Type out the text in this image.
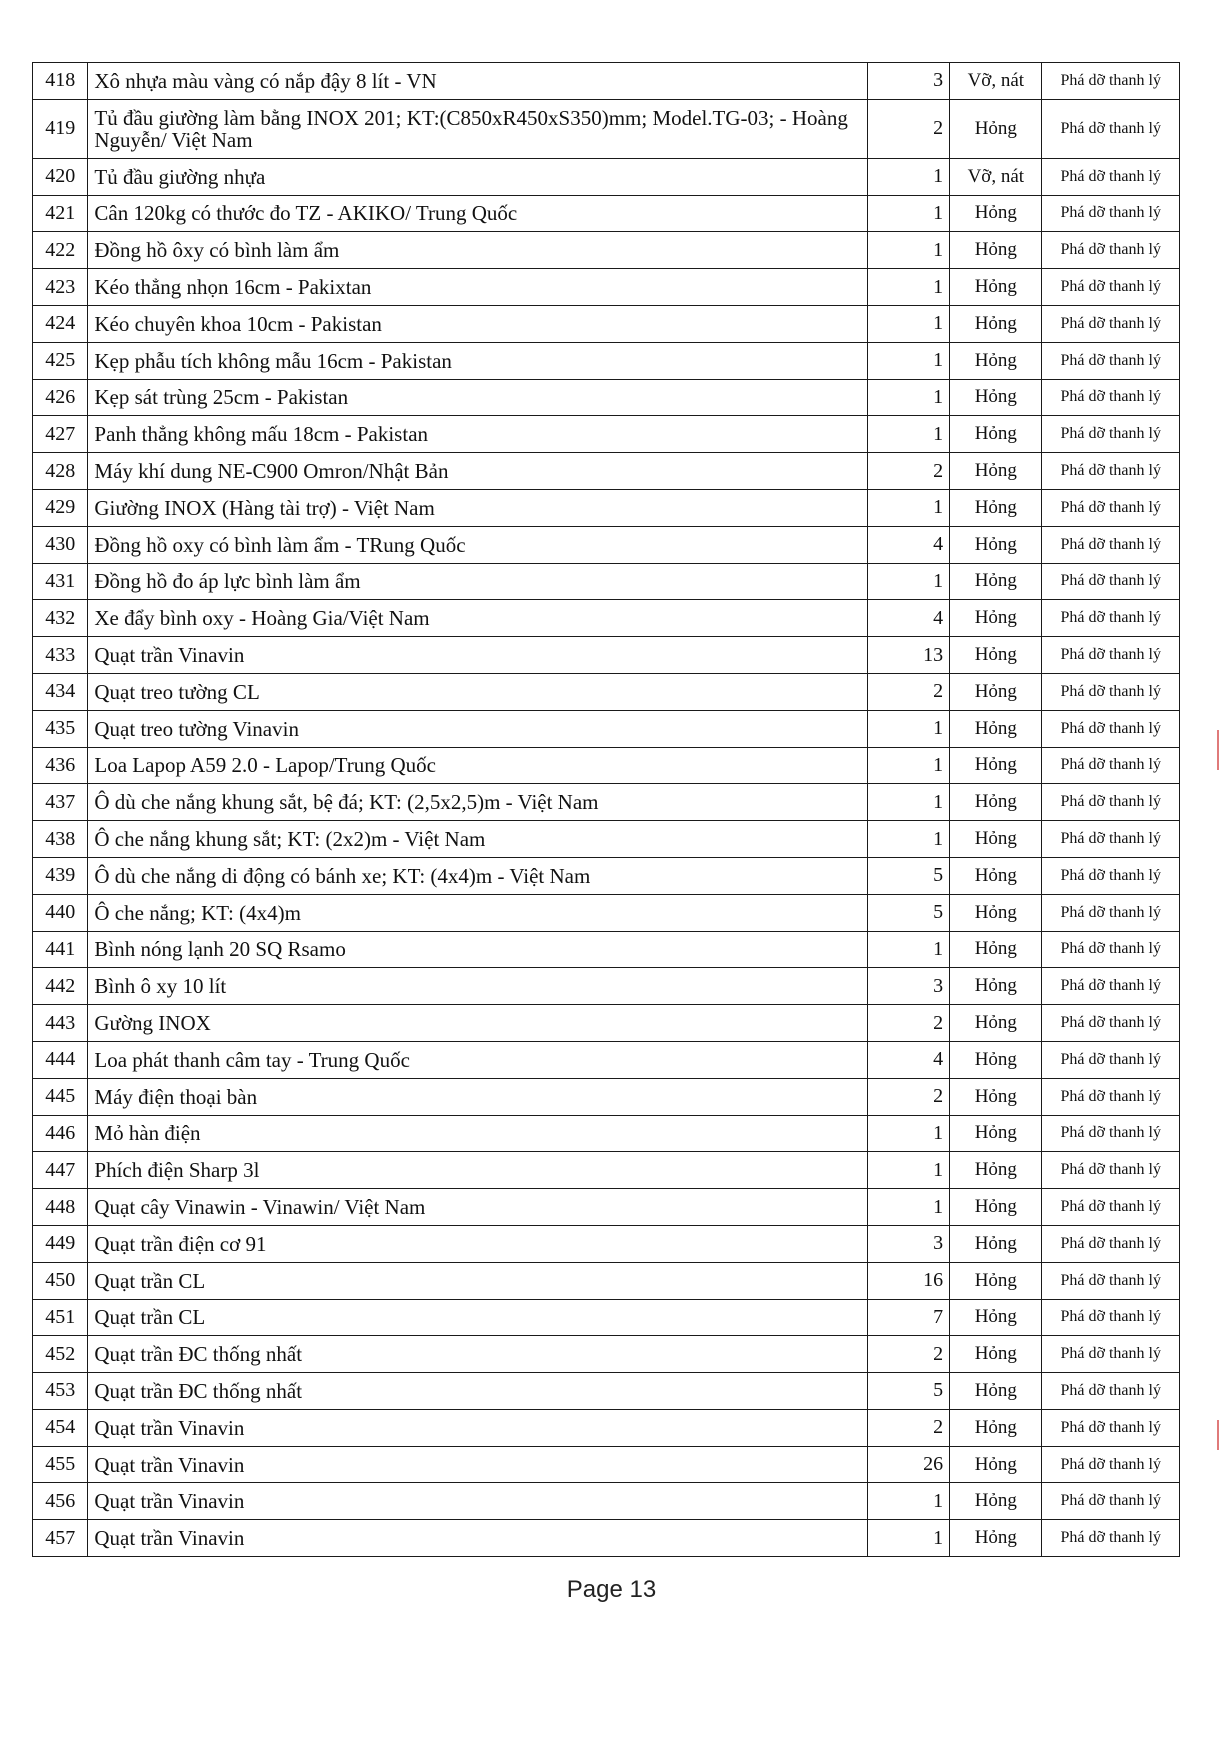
418	Xô nhựa màu vàng có nắp đậy 8 lít - VN	3	Vỡ, nát	Phá dỡ thanh lý
419	Tủ đầu giường làm bằng INOX 201; KT:(C850xR450xS350)mm; Model.TG-03; - Hoàng Nguyễn/ Việt Nam	2	Hỏng	Phá dỡ thanh lý
420	Tủ đầu giường nhựa	1	Vỡ, nát	Phá dỡ thanh lý
421	Cân 120kg có thước đo TZ - AKIKO/ Trung Quốc	1	Hỏng	Phá dỡ thanh lý
422	Đồng hồ ôxy có bình làm ẩm	1	Hỏng	Phá dỡ thanh lý
423	Kéo thẳng nhọn 16cm - Pakixtan	1	Hỏng	Phá dỡ thanh lý
424	Kéo chuyên khoa 10cm - Pakistan	1	Hỏng	Phá dỡ thanh lý
425	Kẹp phẫu tích không mẫu 16cm - Pakistan	1	Hỏng	Phá dỡ thanh lý
426	Kẹp sát trùng 25cm - Pakistan	1	Hỏng	Phá dỡ thanh lý
427	Panh thẳng không mấu 18cm - Pakistan	1	Hỏng	Phá dỡ thanh lý
428	Máy khí dung NE-C900 Omron/Nhật Bản	2	Hỏng	Phá dỡ thanh lý
429	Giường INOX (Hàng tài trợ) - Việt Nam	1	Hỏng	Phá dỡ thanh lý
430	Đồng hồ oxy có bình làm ẩm - TRung Quốc	4	Hỏng	Phá dỡ thanh lý
431	Đồng hồ đo áp lực bình làm ẩm	1	Hỏng	Phá dỡ thanh lý
432	Xe đẩy bình oxy - Hoàng Gia/Việt Nam	4	Hỏng	Phá dỡ thanh lý
433	Quạt trần Vinavin	13	Hỏng	Phá dỡ thanh lý
434	Quạt treo tường CL	2	Hỏng	Phá dỡ thanh lý
435	Quạt treo tường Vinavin	1	Hỏng	Phá dỡ thanh lý
436	Loa Lapop A59 2.0 - Lapop/Trung Quốc	1	Hỏng	Phá dỡ thanh lý
437	Ô dù che nắng khung sắt, bệ đá; KT: (2,5x2,5)m - Việt Nam	1	Hỏng	Phá dỡ thanh lý
438	Ô che nắng khung sắt; KT: (2x2)m - Việt Nam	1	Hỏng	Phá dỡ thanh lý
439	Ô dù che nắng di động có bánh xe; KT: (4x4)m - Việt Nam	5	Hỏng	Phá dỡ thanh lý
440	Ô che nắng; KT: (4x4)m	5	Hỏng	Phá dỡ thanh lý
441	Bình nóng lạnh 20 SQ Rsamo	1	Hỏng	Phá dỡ thanh lý
442	Bình ô xy 10 lít	3	Hỏng	Phá dỡ thanh lý
443	Gường INOX	2	Hỏng	Phá dỡ thanh lý
444	Loa phát thanh câm tay - Trung Quốc	4	Hỏng	Phá dỡ thanh lý
445	Máy điện thoại bàn	2	Hỏng	Phá dỡ thanh lý
446	Mỏ hàn điện	1	Hỏng	Phá dỡ thanh lý
447	Phích điện Sharp 3l	1	Hỏng	Phá dỡ thanh lý
448	Quạt cây Vinawin - Vinawin/ Việt Nam	1	Hỏng	Phá dỡ thanh lý
449	Quạt trần điện cơ 91	3	Hỏng	Phá dỡ thanh lý
450	Quạt trần CL	16	Hỏng	Phá dỡ thanh lý
451	Quạt trần CL	7	Hỏng	Phá dỡ thanh lý
452	Quạt trần ĐC thống nhất	2	Hỏng	Phá dỡ thanh lý
453	Quạt trần ĐC thống nhất	5	Hỏng	Phá dỡ thanh lý
454	Quạt trần Vinavin	2	Hỏng	Phá dỡ thanh lý
455	Quạt trần Vinavin	26	Hỏng	Phá dỡ thanh lý
456	Quạt trần Vinavin	1	Hỏng	Phá dỡ thanh lý
457	Quạt trần Vinavin	1	Hỏng	Phá dỡ thanh lý
Page 13
